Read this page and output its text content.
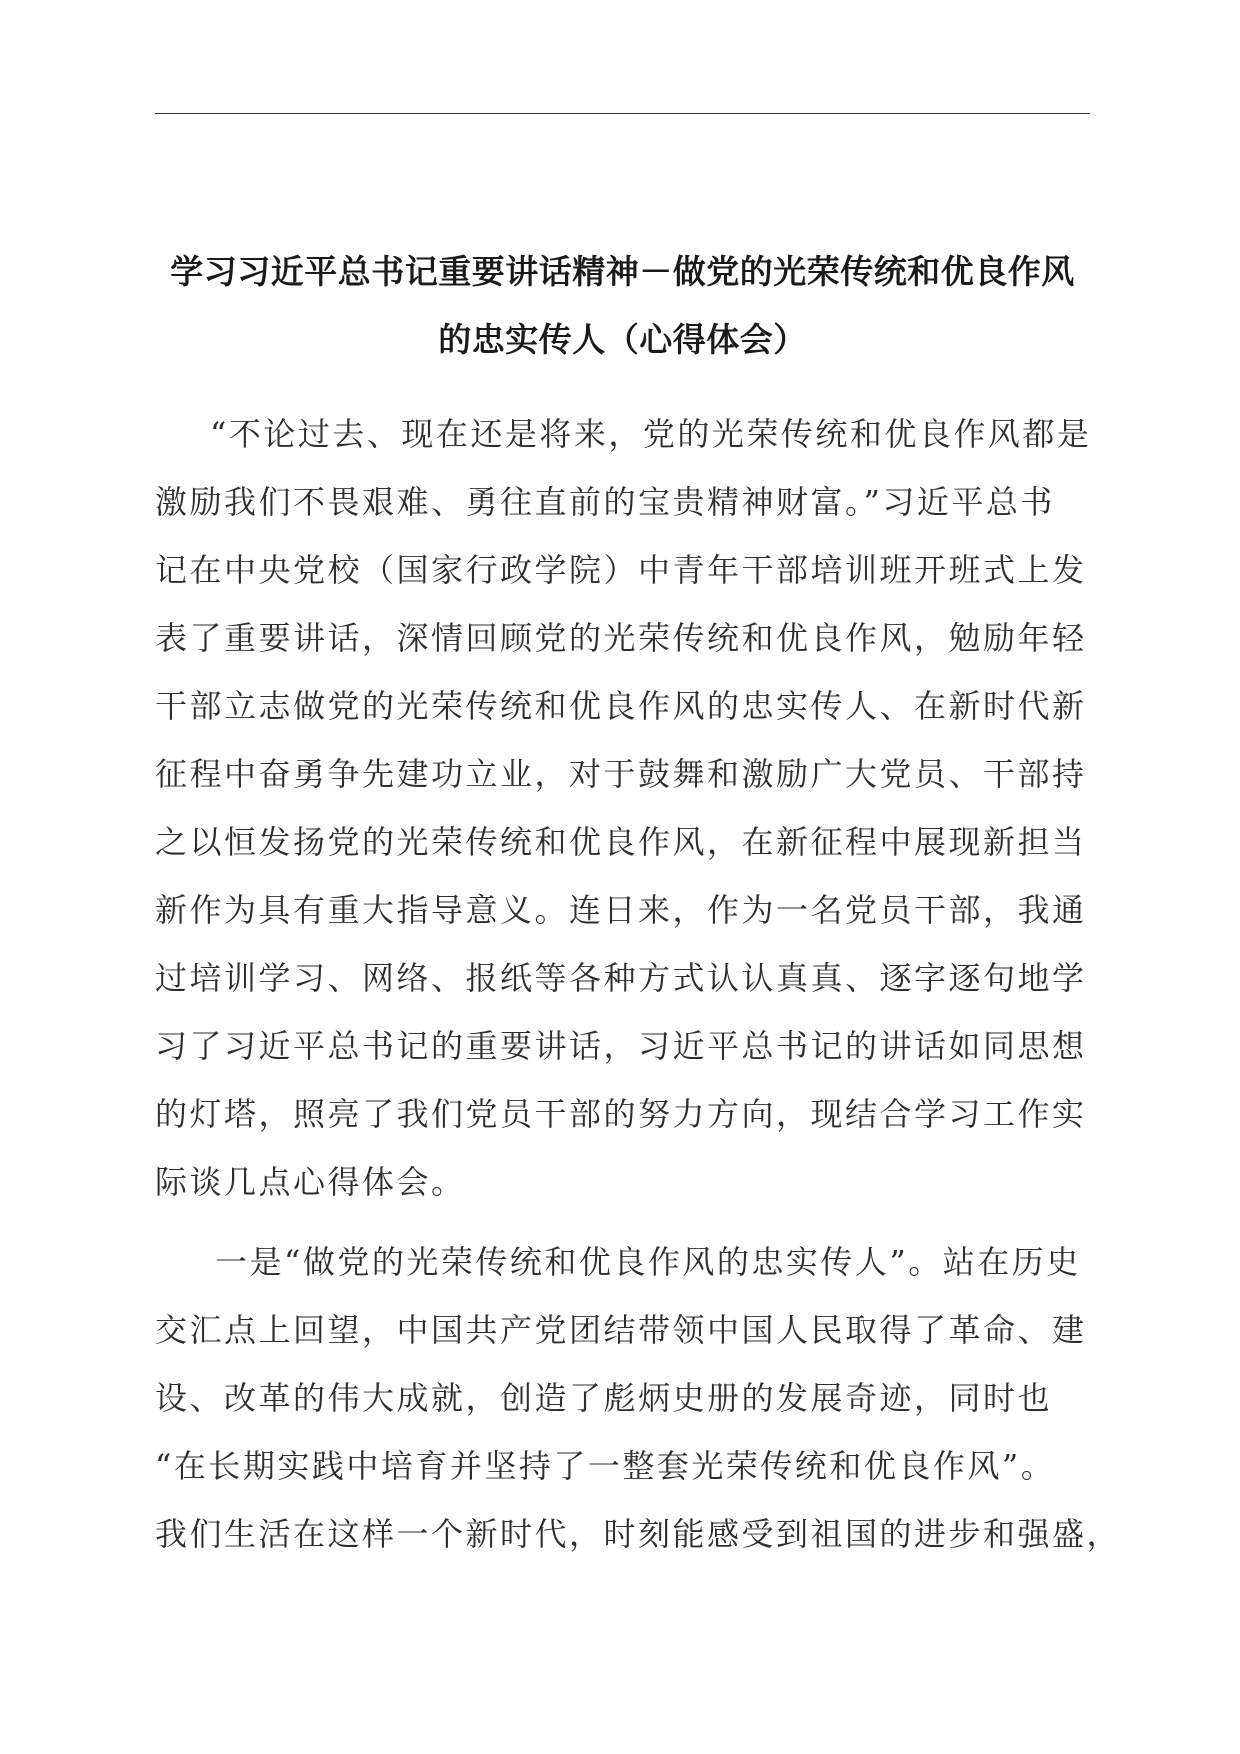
学习习近平总书记重要讲话精神－做党的光荣传统和优良作风
的忠实传人（心得体会）
“不论过去、现在还是将来，党的光荣传统和优良作风都是
激励我们不畏艰难、勇往直前的宝贵精神财富。”习近平总书
记在中央党校（国家行政学院）中青年干部培训班开班式上发
表了重要讲话，深情回顾党的光荣传统和优良作风，勉励年轻
干部立志做党的光荣传统和优良作风的忠实传人、在新时代新
征程中奋勇争先建功立业，对于鼓舞和激励广大党员、干部持
之以恒发扬党的光荣传统和优良作风，在新征程中展现新担当
新作为具有重大指导意义。连日来，作为一名党员干部，我通
过培训学习、网络、报纸等各种方式认认真真、逐字逐句地学
习了习近平总书记的重要讲话，习近平总书记的讲话如同思想
的灯塔，照亮了我们党员干部的努力方向，现结合学习工作实
际谈几点心得体会。
一是“做党的光荣传统和优良作风的忠实传人”。站在历史
交汇点上回望，中国共产党团结带领中国人民取得了革命、建
设、改革的伟大成就，创造了彪炳史册的发展奇迹，同时也
“在长期实践中培育并坚持了一整套光荣传统和优良作风”。
我们生活在这样一个新时代，时刻能感受到祖国的进步和强盛，
